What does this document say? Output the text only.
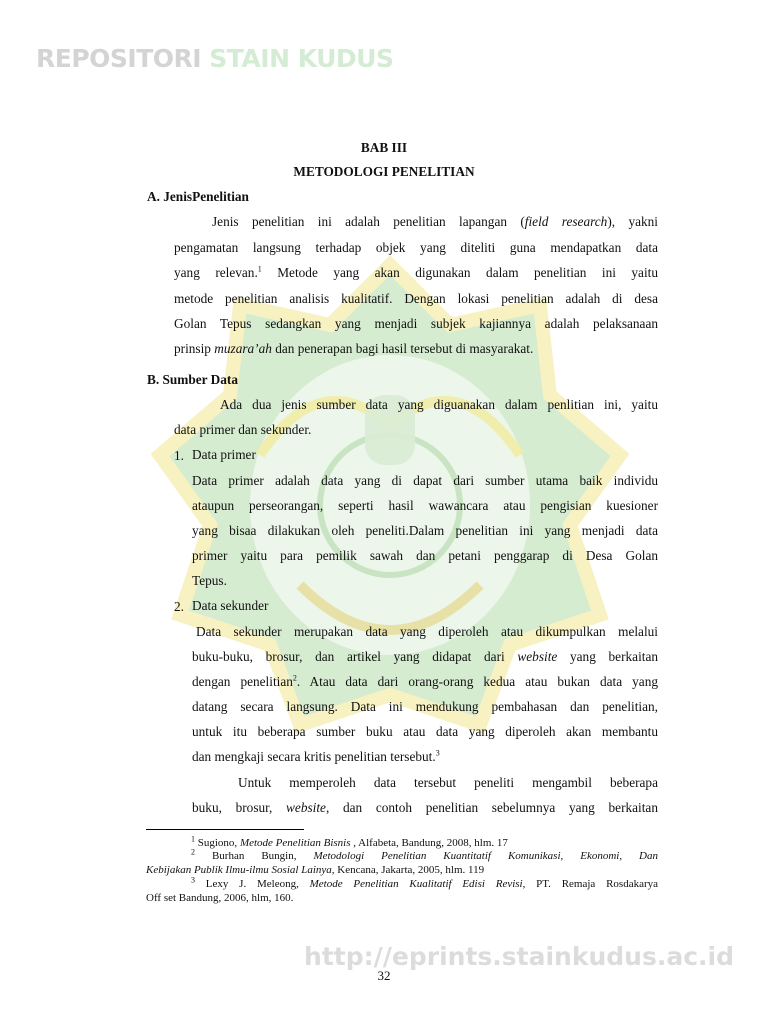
REPOSITORI STAIN KUDUS
http://eprints.stainkudus.ac.id
BAB III
METODOLOGI PENELITIAN
A. JenisPenelitian
Jenis penelitian ini adalah penelitian lapangan (field research), yakni
pengamatan langsung terhadap objek yang diteliti guna mendapatkan data
yang relevan.$^1$ Metode yang akan digunakan dalam penelitian ini yaitu
metode penelitian analisis kualitatif. Dengan lokasi penelitian adalah di desa
Golan Tepus sedangkan yang menjadi subjek kajiannya adalah pelaksanaan
prinsip muzara’ah dan penerapan bagi hasil tersebut di masyarakat.
B. Sumber Data
Ada dua jenis sumber data yang diguanakan dalam penlitian ini, yaitu
data primer dan sekunder.
1. Data primer
Data primer adalah data yang di dapat dari sumber utama baik individu
ataupun perseorangan, seperti hasil wawancara atau pengisian kuesioner
yang bisaa dilakukan oleh peneliti.Dalam penelitian ini yang menjadi data
primer yaitu para pemilik sawah dan petani penggarap di Desa Golan
Tepus.
2. Data sekunder
Data sekunder merupakan data yang diperoleh atau dikumpulkan melalui
buku-buku, brosur, dan artikel yang didapat dari website yang berkaitan
dengan penelitian$^2$. Atau data dari orang-orang kedua atau bukan data yang
datang secara langsung. Data ini mendukung pembahasan dan penelitian,
untuk itu beberapa sumber buku atau data yang diperoleh akan membantu
dan mengkaji secara kritis penelitian tersebut.$^3$
Untuk memperoleh data tersebut peneliti mengambil beberapa
buku, brosur, website, dan contoh penelitian sebelumnya yang berkaitan
$^1$ Sugiono, Metode Penelitian Bisnis , Alfabeta, Bandung, 2008, hlm. 17
$^2$ Burhan Bungin, Metodologi Penelitian Kuantitatif Komunikasi, Ekonomi, Dan
Kebijakan Publik Ilmu-ilmu Sosial Lainya, Kencana, Jakarta, 2005, hlm. 119
$^3$ Lexy J. Meleong, Metode Penelitian Kualitatif Edisi Revisi, PT. Remaja Rosdakarya
Off set Bandung, 2006, hlm, 160.
32
